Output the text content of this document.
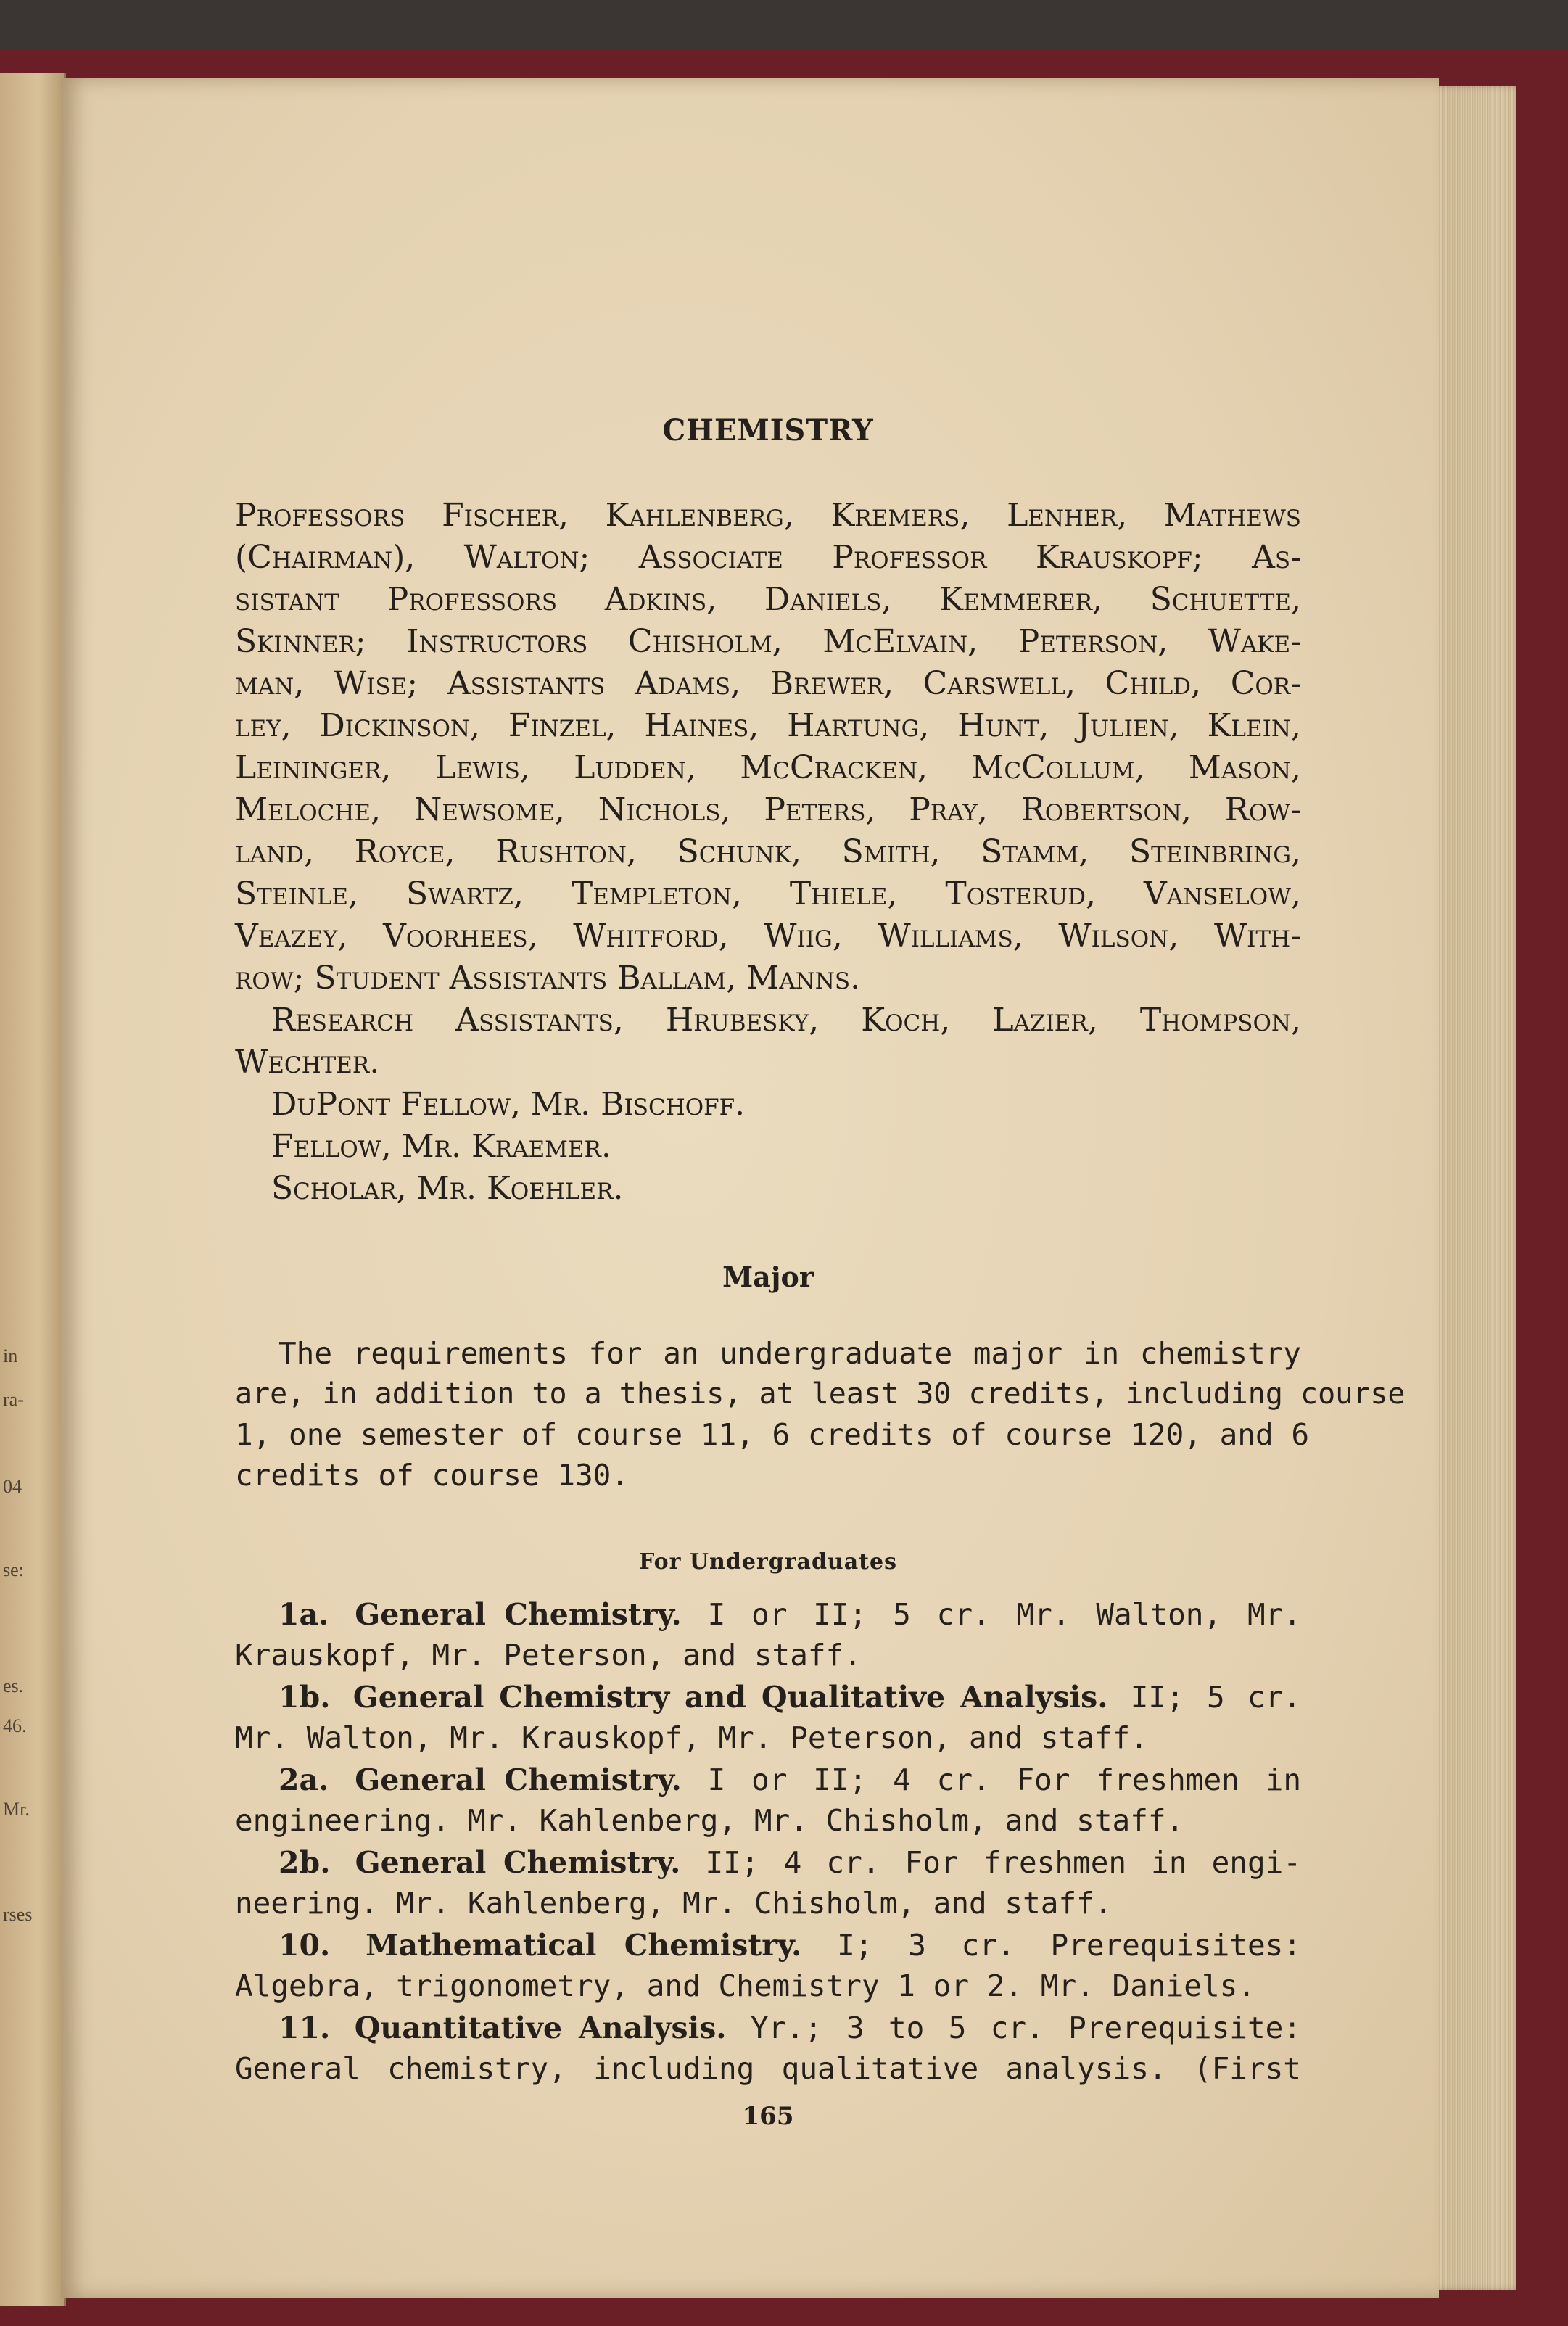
in
ra-
04
se:
es.
46.
Mr.
rses
CHEMISTRY
Professors Fischer, Kahlenberg, Kremers, Lenher, Mathews
(Chairman), Walton; Associate Professor Krauskopf; As-
sistant Professors Adkins, Daniels, Kemmerer, Schuette,
Skinner; Instructors Chisholm, McElvain, Peterson, Wake-
man, Wise; Assistants Adams, Brewer, Carswell, Child, Cor-
ley, Dickinson, Finzel, Haines, Hartung, Hunt, Julien, Klein,
Leininger, Lewis, Ludden, McCracken, McCollum, Mason,
Meloche, Newsome, Nichols, Peters, Pray, Robertson, Row-
land, Royce, Rushton, Schunk, Smith, Stamm, Steinbring,
Steinle, Swartz, Templeton, Thiele, Tosterud, Vanselow,
Veazey, Voorhees, Whitford, Wiig, Williams, Wilson, With-
row; Student Assistants Ballam, Manns.
Research Assistants, Hrubesky, Koch, Lazier, Thompson,
Wechter.
DuPont Fellow, Mr. Bischoff.
Fellow, Mr. Kraemer.
Scholar, Mr. Koehler.
Major
The requirements for an undergraduate major in chemistry
are, in addition to a thesis, at least 30 credits, including course
1, one semester of course 11, 6 credits of course 120, and 6
credits of course 130.
For Undergraduates
1a. General Chemistry. I or II; 5 cr. Mr. Walton, Mr.
Krauskopf, Mr. Peterson, and staff.
1b. General Chemistry and Qualitative Analysis. II; 5 cr.
Mr. Walton, Mr. Krauskopf, Mr. Peterson, and staff.
2a. General Chemistry. I or II; 4 cr. For freshmen in
engineering. Mr. Kahlenberg, Mr. Chisholm, and staff.
2b. General Chemistry. II; 4 cr. For freshmen in engi-
neering. Mr. Kahlenberg, Mr. Chisholm, and staff.
10. Mathematical Chemistry. I; 3 cr. Prerequisites:
Algebra, trigonometry, and Chemistry 1 or 2. Mr. Daniels.
11. Quantitative Analysis. Yr.; 3 to 5 cr. Prerequisite:
General chemistry, including qualitative analysis. (First
165
